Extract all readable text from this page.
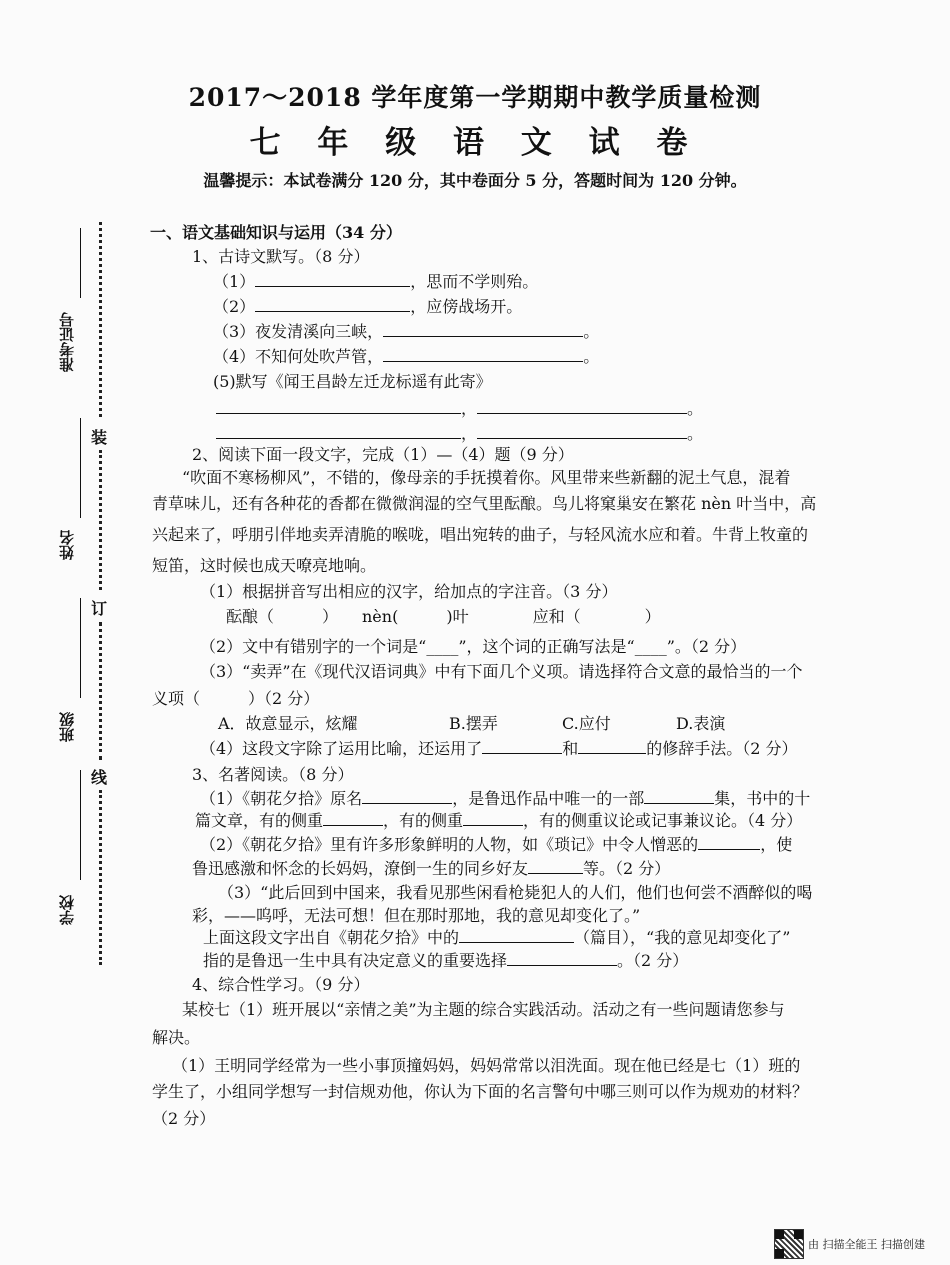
2017～2018 学年度第一学期期中教学质量检测
七 年 级 语 文 试 卷
温馨提示：本试卷满分 120 分，其中卷面分 5 分，答题时间为 120 分钟。
准考证号
姓名
班级
学校
装
订
线
一、语文基础知识与运用（34 分）
1、古诗文默写。（8 分）
（1）	，思而不学则殆。
（2）	，应傍战场开。
（3）夜发清溪向三峡，	。
（4）不知何处吹芦管，	。
(5)默写《闻王昌龄左迁龙标遥有此寄》
，	。
，	。
2、阅读下面一段文字，完成（1）—（4）题（9 分）
“吹面不寒杨柳风”，不错的，像母亲的手抚摸着你。风里带来些新翻的泥土气息，混着
青草味儿，还有各种花的香都在微微润湿的空气里酝酿。鸟儿将窠巢安在繁花 nèn 叶当中，高
兴起来了，呼朋引伴地卖弄清脆的喉咙，唱出宛转的曲子，与轻风流水应和着。牛背上牧童的
短笛，这时候也成天嘹亮地响。
（1）根据拼音写出相应的汉字，给加点的字注音。（3 分）
酝酿（　　　）　　nèn(　　　)叶　　　　应和（　　　　）
（2）文中有错别字的一个词是“____”，这个词的正确写法是“____”。（2 分）
（3）“卖弄”在《现代汉语词典》中有下面几个义项。请选择符合文意的最恰当的一个
义项（　　　）（2 分）
A．故意显示，炫耀	B.摆弄	C.应付	D.表演
（4）这段文字除了运用比喻，还运用了	和	的修辞手法。（2 分）
3、名著阅读。（8 分）
（1）《朝花夕拾》原名	，是鲁迅作品中唯一的一部	集，书中的十
篇文章，有的侧重	，有的侧重	，有的侧重议论或记事兼议论。（4 分）
（2）《朝花夕拾》里有许多形象鲜明的人物，如《琐记》中令人憎恶的	，使
鲁迅感激和怀念的长妈妈，潦倒一生的同乡好友	等。（2 分）
（3）“此后回到中国来，我看见那些闲看枪毙犯人的人们，他们也何尝不酒醉似的喝
彩，——呜呼，无法可想！但在那时那地，我的意见却变化了。”
上面这段文字出自《朝花夕拾》中的	（篇目），“我的意见却变化了”
指的是鲁迅一生中具有决定意义的重要选择	。（2 分）
4、综合性学习。（9 分）
某校七（1）班开展以“亲情之美”为主题的综合实践活动。活动之有一些问题请您参与
解决。
（1）王明同学经常为一些小事顶撞妈妈，妈妈常常以泪洗面。现在他已经是七（1）班的
学生了，小组同学想写一封信规劝他，你认为下面的名言警句中哪三则可以作为规劝的材料？
（2 分）
由 扫描全能王 扫描创建
